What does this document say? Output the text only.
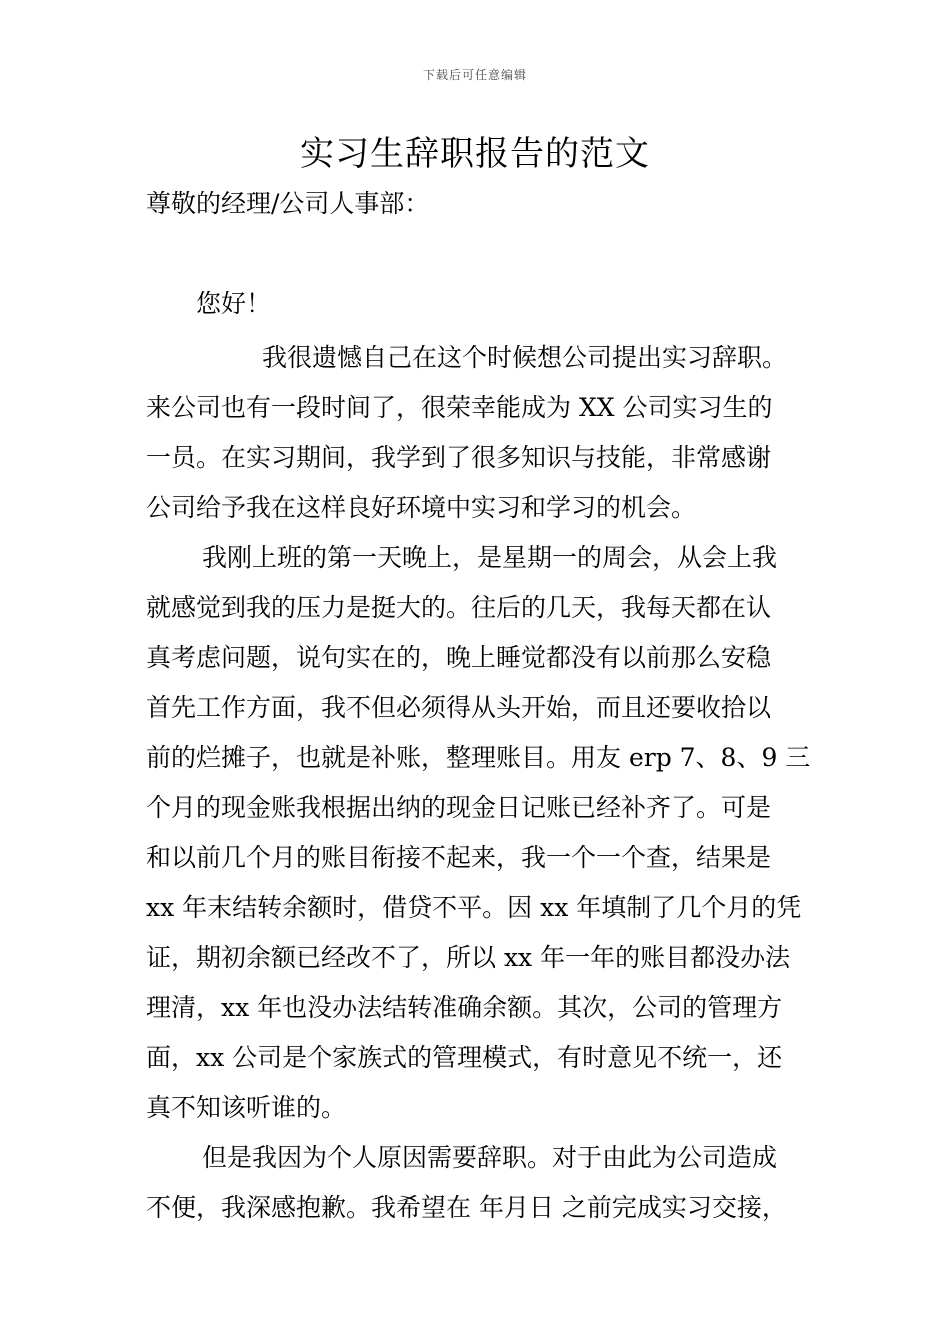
下载后可任意编辑
实习生辞职报告的范文
尊敬的经理/公司人事部：
您好！
我很遗憾自己在这个时候想公司提出实习辞职。
来公司也有一段时间了，很荣幸能成为 XX 公司实习生的
一员。在实习期间，我学到了很多知识与技能，非常感谢
公司给予我在这样良好环境中实习和学习的机会。
我刚上班的第一天晚上，是星期一的周会，从会上我
就感觉到我的压力是挺大的。往后的几天，我每天都在认
真考虑问题，说句实在的，晚上睡觉都没有以前那么安稳
首先工作方面，我不但必须得从头开始，而且还要收拾以
前的烂摊子，也就是补账，整理账目。用友 erp 7、8、9 三
个月的现金账我根据出纳的现金日记账已经补齐了。可是
和以前几个月的账目衔接不起来，我一个一个查，结果是
xx 年末结转余额时，借贷不平。因 xx 年填制了几个月的凭
证，期初余额已经改不了，所以 xx 年一年的账目都没办法
理清，xx 年也没办法结转准确余额。其次，公司的管理方
面，xx 公司是个家族式的管理模式，有时意见不统一，还
真不知该听谁的。
但是我因为个人原因需要辞职。对于由此为公司造成
不便，我深感抱歉。我希望在 年月日 之前完成实习交接，
